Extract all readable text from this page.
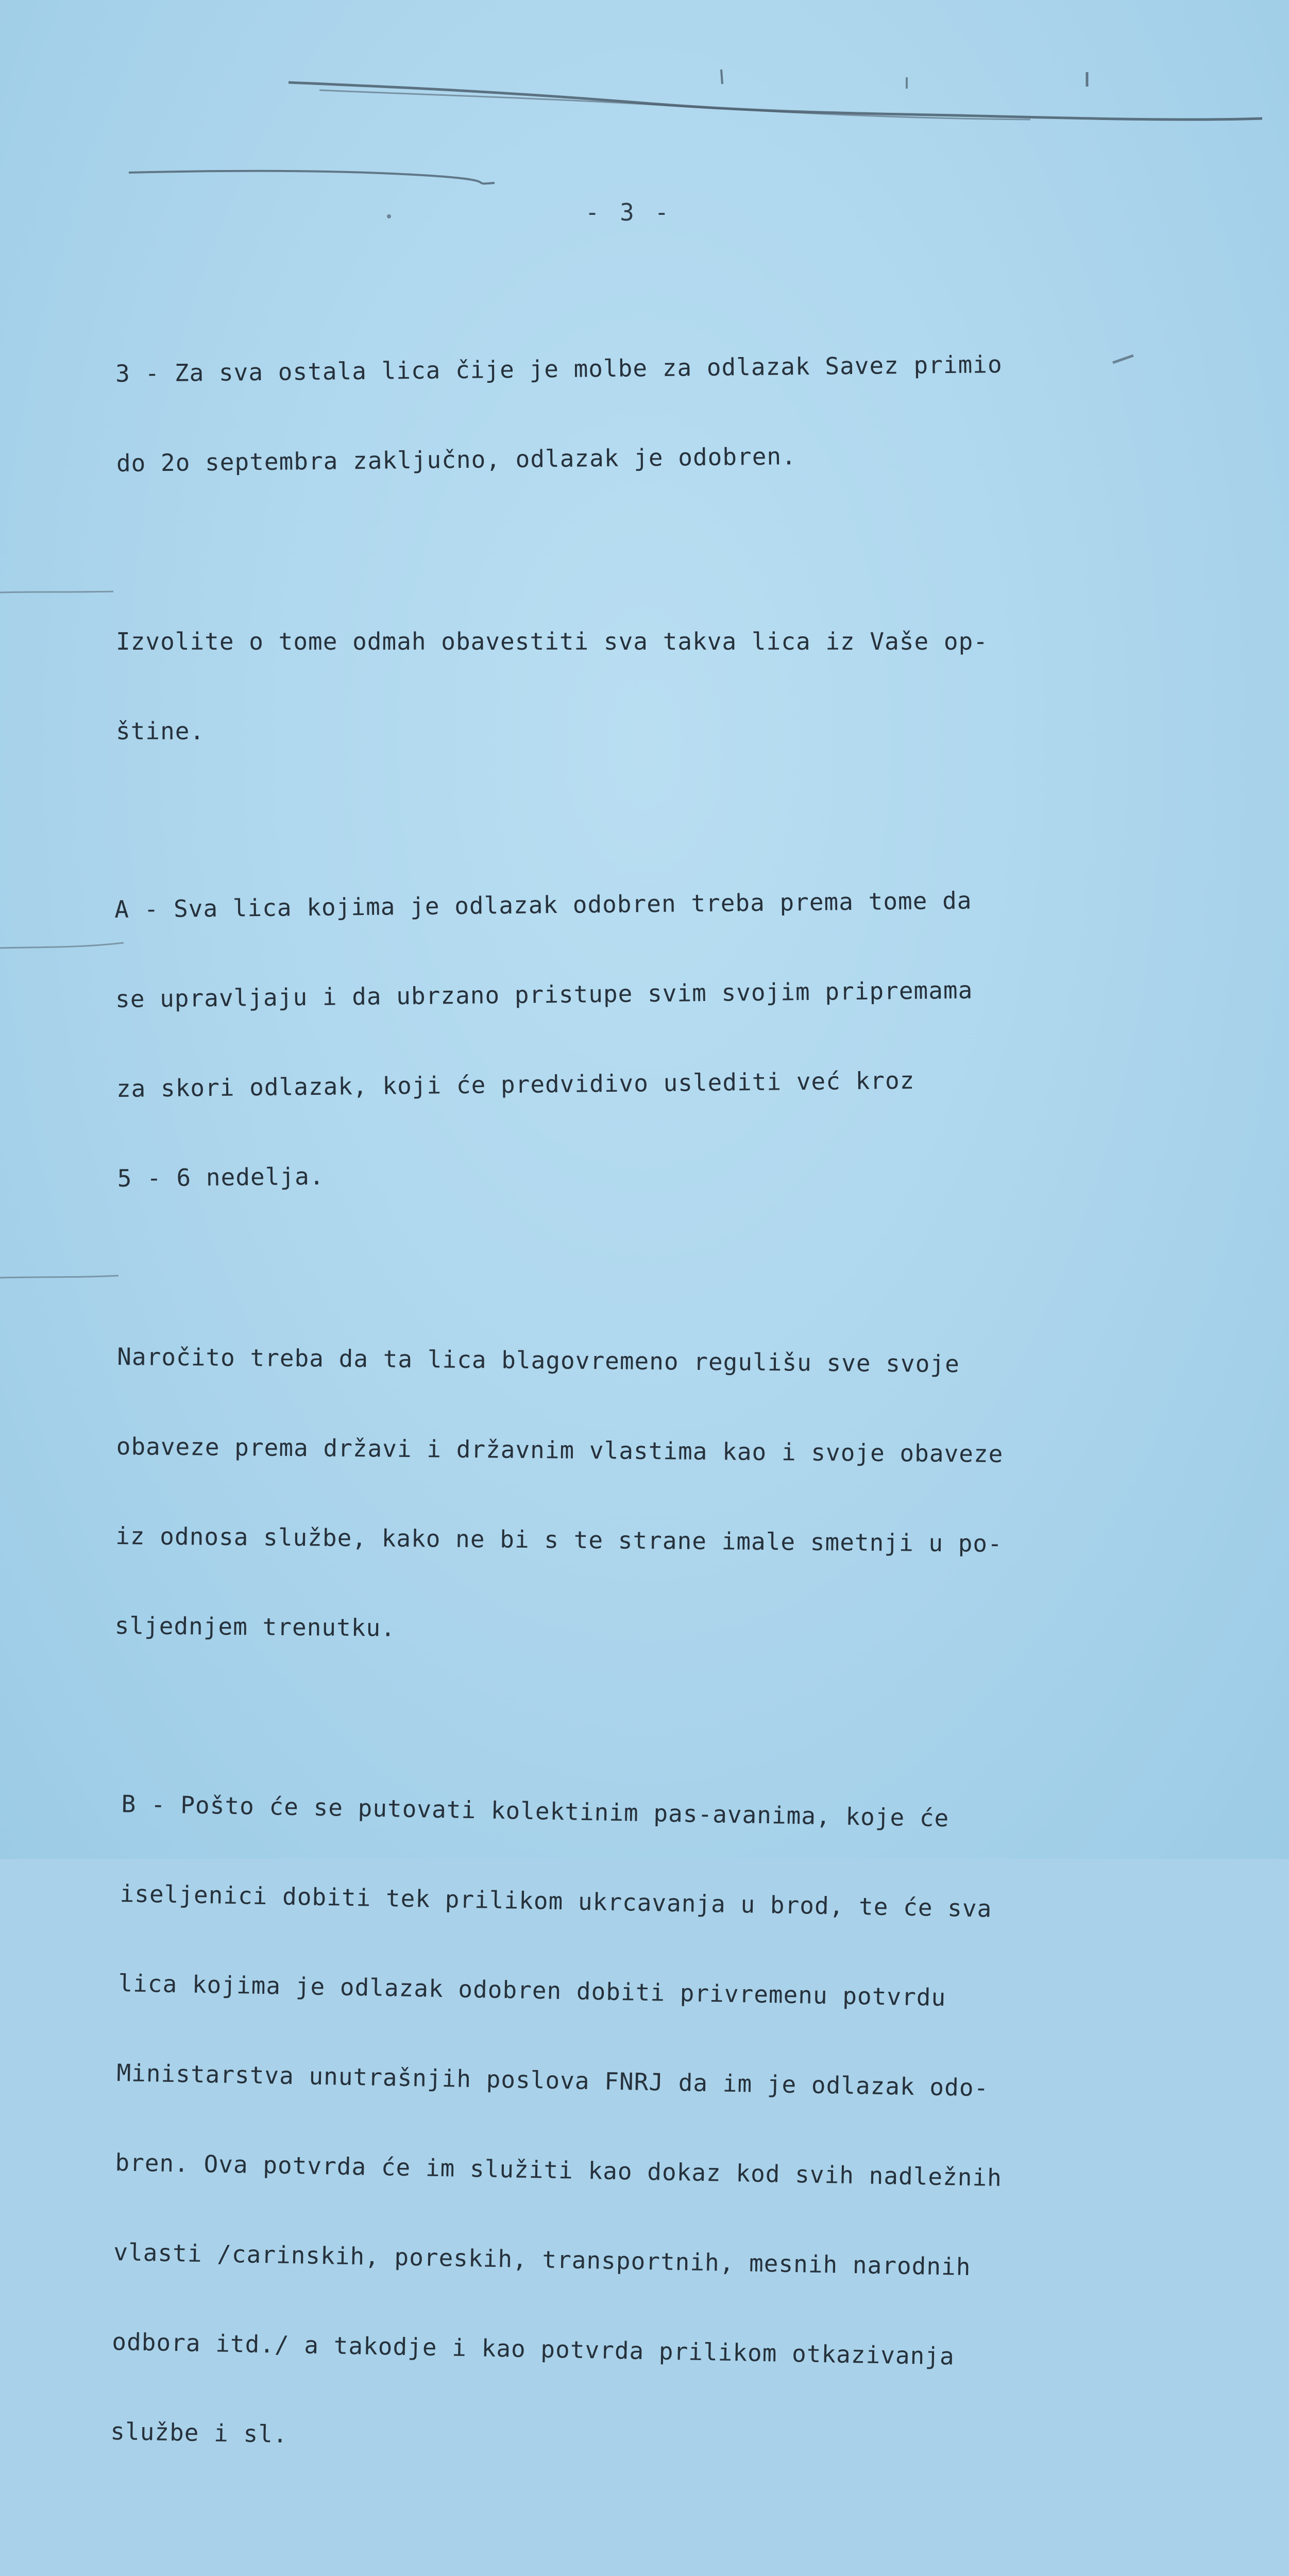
- 3 -

3 - Za sva ostala lica čije je molbe za odlazak Savez primio

do 2o septembra zaključno, odlazak je odobren.

Izvolite o tome odmah obavestiti sva takva lica iz Vaše op-

štine.

A - Sva lica kojima je odlazak odobren treba prema tome da

se upravljaju i da ubrzano pristupe svim svojim pripremama

za skori odlazak, koji će predvidivo uslediti već kroz

5 - 6 nedelja.

Naročito treba da ta lica blagovremeno regulišu sve svoje

obaveze prema državi i državnim vlastima kao i svoje obaveze

iz odnosa službe, kako ne bi s te strane imale smetnji u po-

sljednjem trenutku.

B - Pošto će se putovati kolektinim pas-avanima, koje će

iseljenici dobiti tek prilikom ukrcavanja u brod, te će sva

lica kojima je odlazak odobren dobiti privremenu potvrdu

Ministarstva unutrašnjih poslova FNRJ da im je odlazak odo-

bren. Ova potvrda će im služiti kao dokaz kod svih nadležnih

vlasti /carinskih, poreskih, transportnih, mesnih narodnih

odbora itd./ a takodje i kao potvrda prilikom otkazivanja

službe i sl.
